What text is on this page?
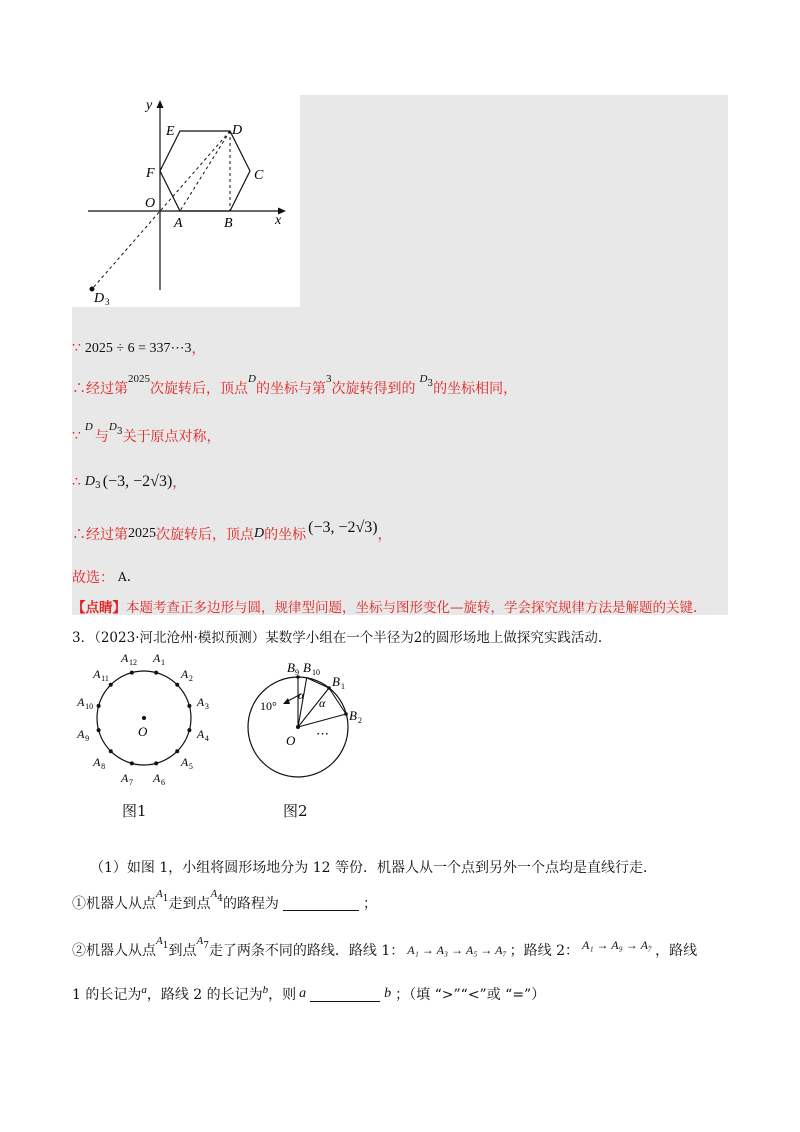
y
x
E	D
F	C
O
A	B
D 3
∵ 2025 ÷ 6 = 337⋯3 ，
∴经过第
2025
次旋转后，顶点
D
的坐标与第
3
次旋转得到的
D 3 的坐标相同，
∵
D
与
D 3 关于原点对称，
∴ D 3 (−3, −2√3) ，
∴经过第 2025 次旋转后，顶点 D 的坐标 (−3, −2√3) ，
故选： A .
【点睛】 本题考查正多边形与圆，规律型问题，坐标与图形变化—旋转，学会探究规律方法是解题的关键.
3．（2023·河北沧州·模拟预测）某数学小组在一个半径为2的圆形场地上做探究实践活动.
O
A 1
A 2
A 3
A 4
A 5
A 6
A 7
A 8
A 9
A 10
A 11
A 12
图1
B 9 B 10
B 1
B 2
α
α
10°
O ⋯
图2
（1）如图 1，小组将圆形场地分为 12 等份．机器人从一个点到另外一个点均是直线行走．
①机器人从点
A 1 走到点
A 4 的路程为	；
②机器人从点
A 1 到点
A 7 走了两条不同的路线．路线 1： A₁ → A₃ → A₅ → A₇ ；路线 2： A₁ → A₉ → A₇ ，路线
1 的长记为 a ，路线 2 的长记为 b ，则 a	b ；（填 “>”“<”或 “=”）
